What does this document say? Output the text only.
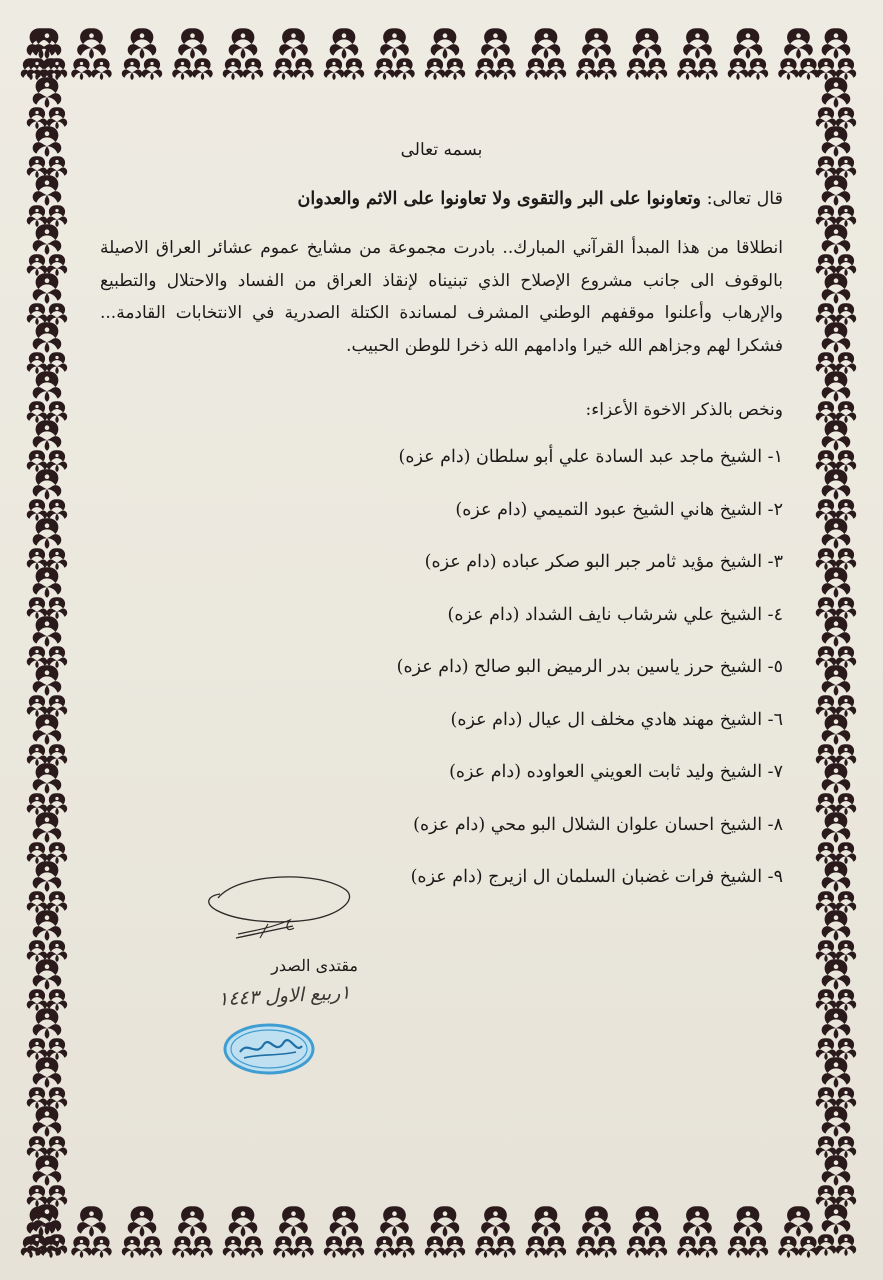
بسمه تعالى
قال تعالى: وتعاونوا على البر والتقوى ولا تعاونوا على الاثم والعدوان
انطلاقا من هذا المبدأ القرآني المبارك.. بادرت مجموعة من مشايخ عموم عشائر العراق الاصيلة بالوقوف الى جانب مشروع الإصلاح الذي تبنيناه لإنقاذ العراق من الفساد والاحتلال والتطبيع والإرهاب وأعلنوا موقفهم الوطني المشرف لمساندة الكتلة الصدرية في الانتخابات القادمة... فشكرا لهم وجزاهم الله خيرا وادامهم الله ذخرا للوطن الحبيب.
ونخص بالذكر الاخوة الأعزاء:
١- الشيخ ماجد عبد السادة علي أبو سلطان (دام عزه)
٢- الشيخ هاني الشيخ عبود التميمي (دام عزه)
٣- الشيخ مؤيد ثامر جبر البو صكر عباده (دام عزه)
٤- الشيخ علي شرشاب نايف الشداد (دام عزه)
٥- الشيخ حرز ياسين بدر الرميض البو صالح (دام عزه)
٦- الشيخ مهند هادي مخلف ال عيال (دام عزه)
٧- الشيخ وليد ثابت العويني العواوده (دام عزه)
٨- الشيخ احسان علوان الشلال البو محي (دام عزه)
٩- الشيخ فرات غضبان السلمان ال ازيرج (دام عزه)
مقتدى الصدر
١ربيع الاول ١٤٤٣
